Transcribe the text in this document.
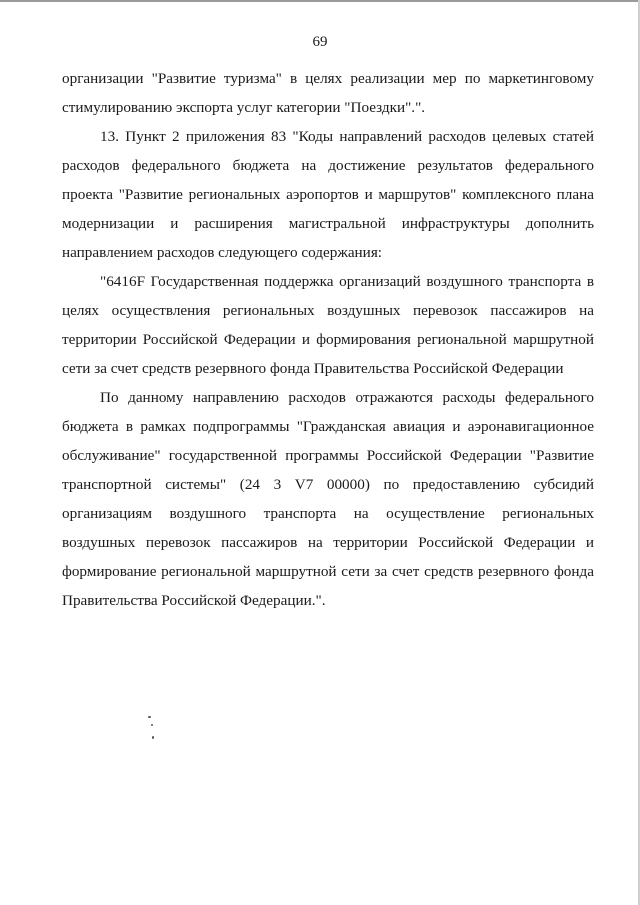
69

организации "Развитие туризма" в целях реализации мер по маркетинговому стимулированию экспорта услуг категории "Поездки".".

13. Пункт 2 приложения 83 "Коды направлений расходов целевых статей расходов федерального бюджета на достижение результатов федерального проекта "Развитие региональных аэропортов и маршрутов" комплексного плана модернизации и расширения магистральной инфраструктуры дополнить направлением расходов следующего содержания:

"6416F Государственная поддержка организаций воздушного транспорта в целях осуществления региональных воздушных перевозок пассажиров на территории Российской Федерации и формирования региональной маршрутной сети за счет средств резервного фонда Правительства Российской Федерации

По данному направлению расходов отражаются расходы федерального бюджета в рамках подпрограммы "Гражданская авиация и аэронавигационное обслуживание" государственной программы Российской Федерации "Развитие транспортной системы" (24 3 V7 00000) по предоставлению субсидий организациям воздушного транспорта на осуществление региональных воздушных перевозок пассажиров на территории Российской Федерации и формирование региональной маршрутной сети за счет средств резервного фонда Правительства Российской Федерации.".
